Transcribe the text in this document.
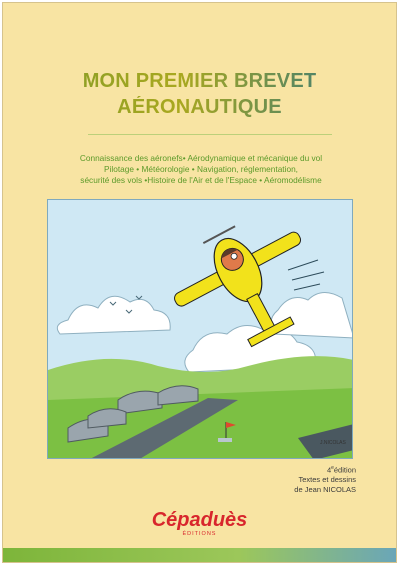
MON PREMIER BREVET
AÉRONAUTIQUE
Connaissance des aéronefs• Aérodynamique et mécanique du vol
Pilotage • Météorologie • Navigation, réglementation,
sécurité des vols •Histoire de l'Air et de l'Espace • Aéromodélisme
J.NICOLAS
4eédition
Textes et dessins
de Jean NICOLAS
Cépaduès
ÉDITIONS
